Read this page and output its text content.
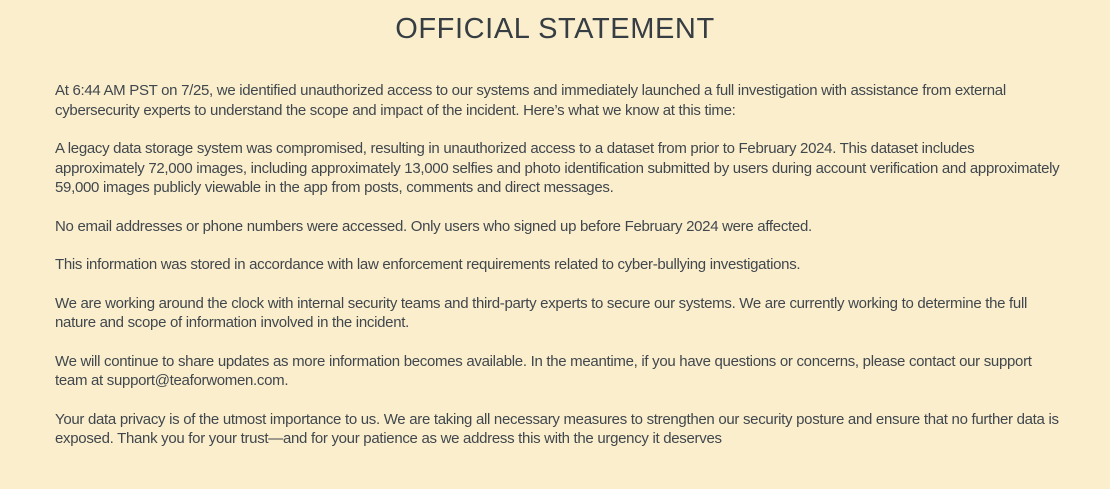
OFFICIAL STATEMENT

At 6:44 AM PST on 7/25, we identified unauthorized access to our systems and immediately launched a full investigation with assistance from external cybersecurity experts to understand the scope and impact of the incident. Here’s what we know at this time:

A legacy data storage system was compromised, resulting in unauthorized access to a dataset from prior to February 2024. This dataset includes approximately 72,000 images, including approximately 13,000 selfies and photo identification submitted by users during account verification and approximately 59,000 images publicly viewable in the app from posts, comments and direct messages.

No email addresses or phone numbers were accessed. Only users who signed up before February 2024 were affected.

This information was stored in accordance with law enforcement requirements related to cyber-bullying investigations.

We are working around the clock with internal security teams and third-party experts to secure our systems. We are currently working to determine the full nature and scope of information involved in the incident.

We will continue to share updates as more information becomes available. In the meantime, if you have questions or concerns, please contact our support team at support@teaforwomen.com.

Your data privacy is of the utmost importance to us. We are taking all necessary measures to strengthen our security posture and ensure that no further data is exposed. Thank you for your trust—and for your patience as we address this with the urgency it deserves
